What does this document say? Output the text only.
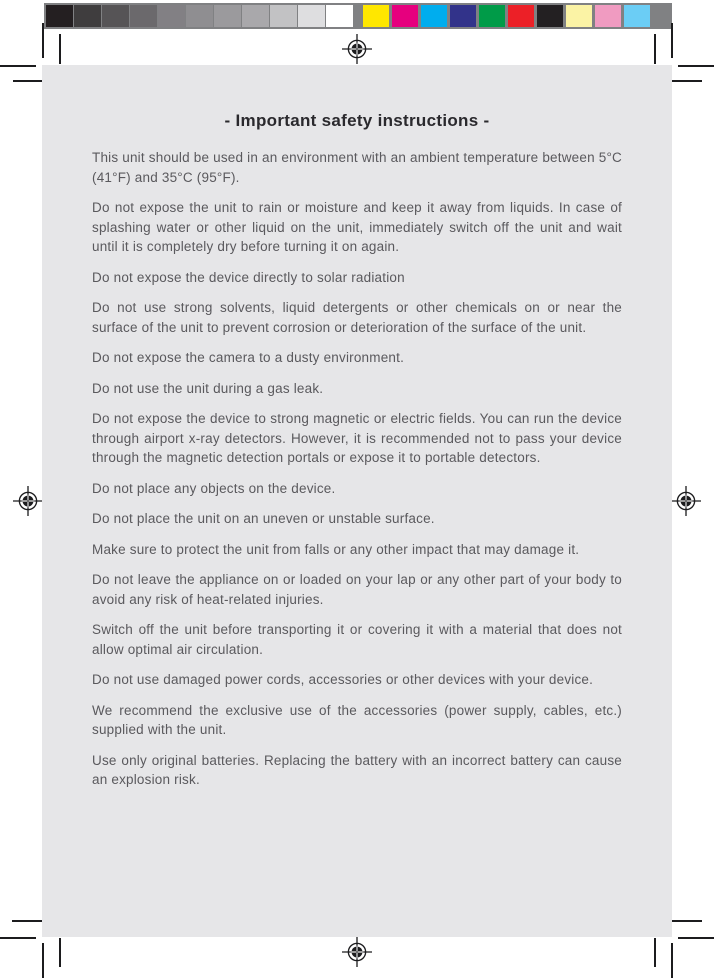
- Important safety instructions -

This unit should be used in an environment with an ambient temperature between 5°C (41°F) and 35°C (95°F).

Do not expose the unit to rain or moisture and keep it away from liquids. In case of splashing water or other liquid on the unit, immediately switch off the unit and wait until it is completely dry before turning it on again.

Do not expose the device directly to solar radiation

Do not use strong solvents, liquid detergents or other chemicals on or near the surface of the unit to prevent corrosion or deterioration of the surface of the unit.

Do not expose the camera to a dusty environment.

Do not use the unit during a gas leak.

Do not expose the device to strong magnetic or electric fields. You can run the device through airport x-ray detectors. However, it is recommended not to pass your device through the magnetic detection portals or expose it to portable detectors.

Do not place any objects on the device.

Do not place the unit on an uneven or unstable surface.

Make sure to protect the unit from falls or any other impact that may damage it.

Do not leave the appliance on or loaded on your lap or any other part of your body to avoid any risk of heat-related injuries.

Switch off the unit before transporting it or covering it with a material that does not allow optimal air circulation.

Do not use damaged power cords, accessories or other devices with your device.

We recommend the exclusive use of the accessories (power supply, cables, etc.) supplied with the unit.

Use only original batteries. Replacing the battery with an incorrect battery can cause an explosion risk.
